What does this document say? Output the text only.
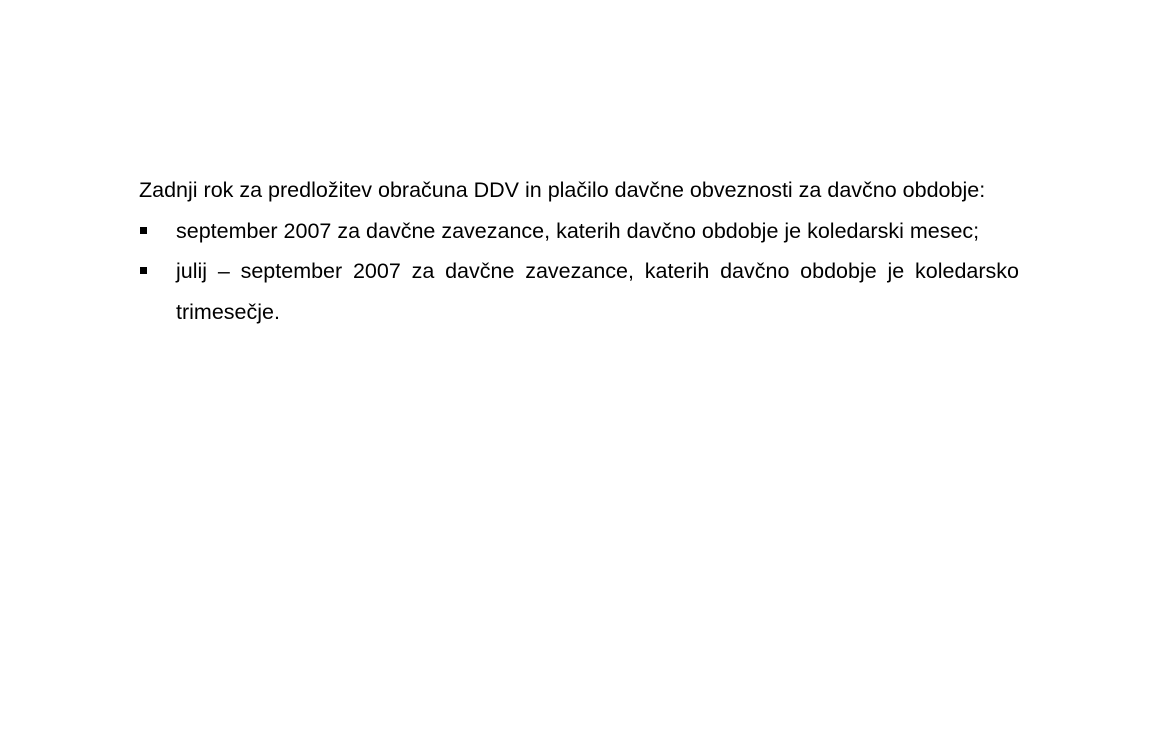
Zadnji rok za predložitev obračuna DDV in plačilo davčne obveznosti za davčno obdobje:

september 2007 za davčne zavezance, katerih davčno obdobje je koledarski mesec;
julij – september 2007 za davčne zavezance, katerih davčno obdobje je koledarsko trimesečje.
